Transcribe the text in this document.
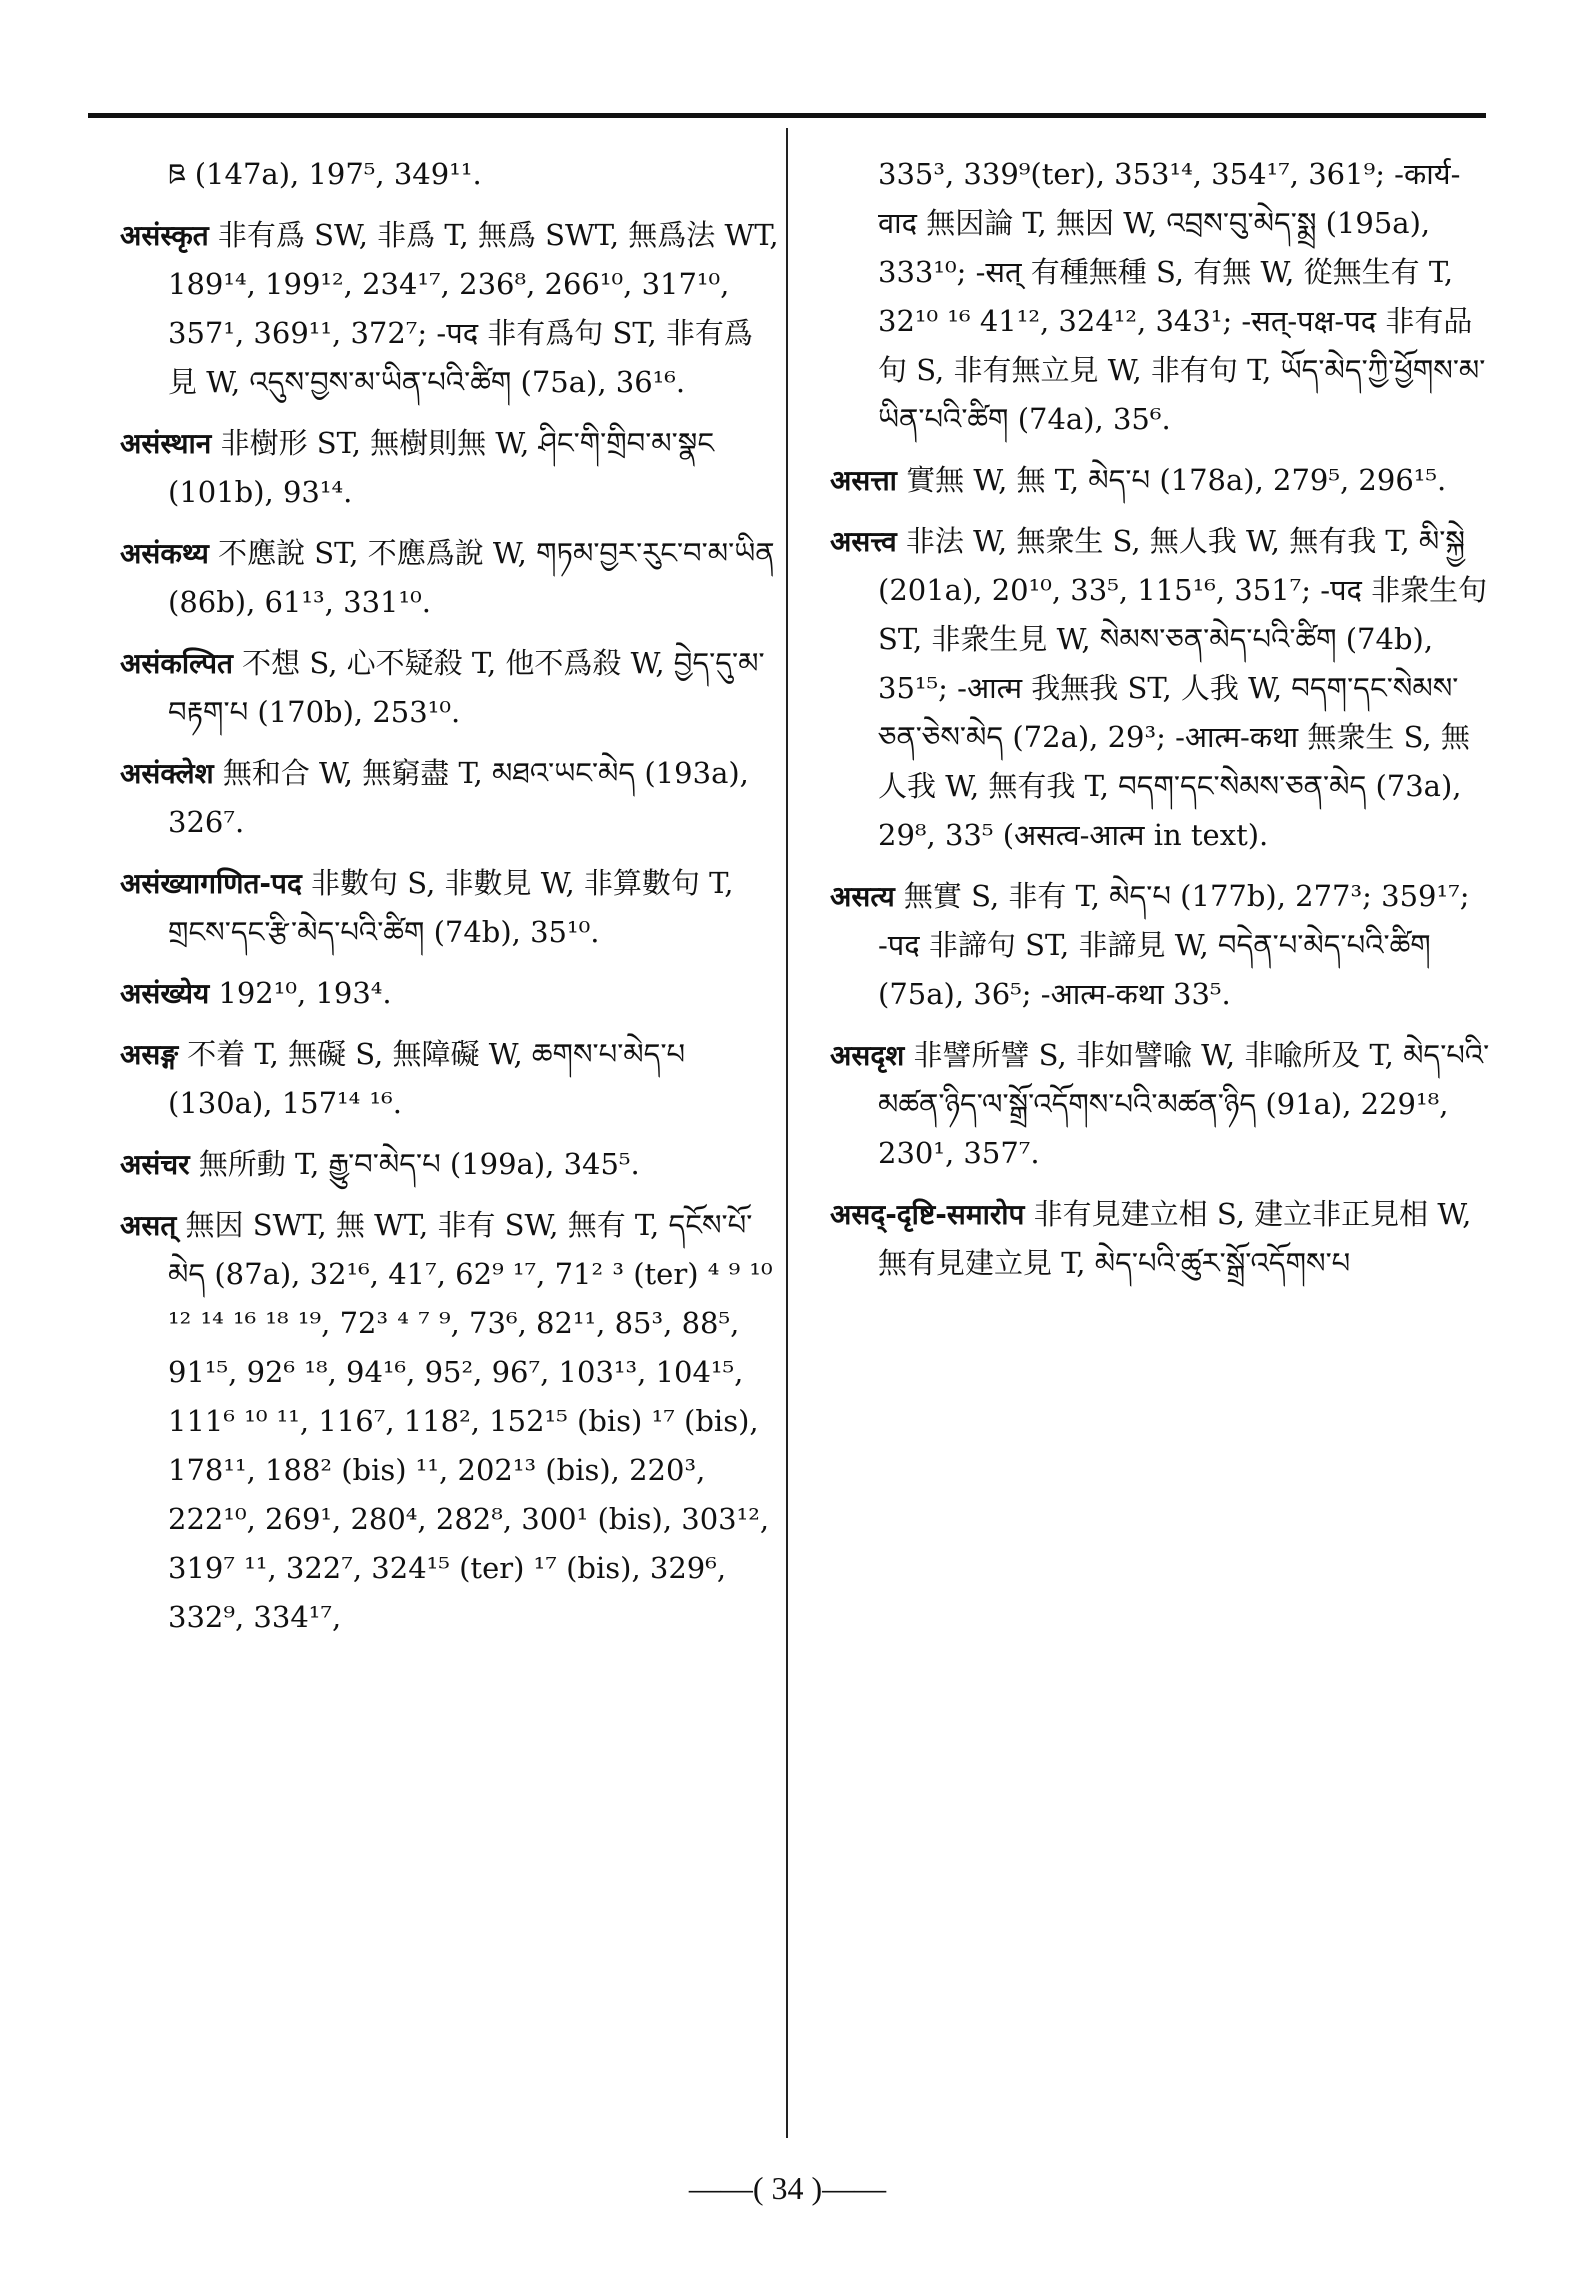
ཋ (147a), 197⁵, 349¹¹.

असंस्कृत 非有爲 SW, 非爲 T, 無爲 SWT, 無爲法 WT, 189¹⁴, 199¹², 234¹⁷, 236⁸, 266¹⁰, 317¹⁰, 357¹, 369¹¹, 372⁷; -पद 非有爲句 ST, 非有爲見 W, འདུས་བྱས་མ་ཡིན་པའི་ཚིག (75a), 36¹⁶.

असंस्थान 非樹形 ST, 無樹則無 W, ཤིང་གི་གྲིབ་མ་སྣང (101b), 93¹⁴.

असंकथ्य 不應說 ST, 不應爲說 W, གཏམ་བྱར་རུང་བ་མ་ཡིན (86b), 61¹³, 331¹⁰.

असंकल्पित 不想 S, 心不疑殺 T, 他不爲殺 W, བྱེད་དུ་མ་བརྟག་པ (170b), 253¹⁰.

असंक्लेश 無和合 W, 無窮盡 T, མཐའ་ཡང་མེད (193a), 326⁷.

असंख्यागणित-पद 非數句 S, 非數見 W, 非算數句 T, གྲངས་དང་རྩི་མེད་པའི་ཚིག (74b), 35¹⁰.

असंख्येय 192¹⁰, 193⁴.

असङ्ग 不着 T, 無礙 S, 無障礙 W, ཆགས་པ་མེད་པ (130a), 157¹⁴ ¹⁶.

असंचर 無所動 T, རྒྱུ་བ་མེད་པ (199a), 345⁵.

असत् 無因 SWT, 無 WT, 非有 SW, 無有 T, དངོས་པོ་མེད (87a), 32¹⁶, 41⁷, 62⁹ ¹⁷, 71² ³ (ter) ⁴ ⁹ ¹⁰ ¹² ¹⁴ ¹⁶ ¹⁸ ¹⁹, 72³ ⁴ ⁷ ⁹, 73⁶, 82¹¹, 85³, 88⁵, 91¹⁵, 92⁶ ¹⁸, 94¹⁶, 95², 96⁷, 103¹³, 104¹⁵, 111⁶ ¹⁰ ¹¹, 116⁷, 118², 152¹⁵ (bis) ¹⁷ (bis), 178¹¹, 188² (bis) ¹¹, 202¹³ (bis), 220³, 222¹⁰, 269¹, 280⁴, 282⁸, 300¹ (bis), 303¹², 319⁷ ¹¹, 322⁷, 324¹⁵ (ter) ¹⁷ (bis), 329⁶, 332⁹, 334¹⁷,

335³, 339⁹(ter), 353¹⁴, 354¹⁷, 361⁹; -कार्य-वाद 無因論 T, 無因 W, འབྲས་བུ་མེད་སྨྲ (195a), 333¹⁰; -सत् 有種無種 S, 有無 W, 從無生有 T, 32¹⁰ ¹⁶ 41¹², 324¹², 343¹; -सत्-पक्ष-पद 非有品句 S, 非有無立見 W, 非有句 T, ཡོད་མེད་ཀྱི་ཕྱོགས་མ་ཡིན་པའི་ཚིག (74a), 35⁶.

असत्ता 實無 W, 無 T, མེད་པ (178a), 279⁵, 296¹⁵.

असत्त्व 非法 W, 無衆生 S, 無人我 W, 無有我 T, མི་སྐྱེ (201a), 20¹⁰, 33⁵, 115¹⁶, 351⁷; -पद 非衆生句 ST, 非衆生見 W, སེམས་ཅན་མེད་པའི་ཚིག (74b), 35¹⁵; -आत्म 我無我 ST, 人我 W, བདག་དང་སེམས་ཅན་ཅེས་མེད (72a), 29³; -आत्म-कथा 無衆生 S, 無人我 W, 無有我 T, བདག་དང་སེམས་ཅན་མེད (73a), 29⁸, 33⁵ (असत्व-आत्म in text).

असत्य 無實 S, 非有 T, མེད་པ (177b), 277³; 359¹⁷; -पद 非諦句 ST, 非諦見 W, བདེན་པ་མེད་པའི་ཚིག (75a), 36⁵; -आत्म-कथा 33⁵.

असदृश 非譬所譬 S, 非如譬喩 W, 非喩所及 T, མེད་པའི་མཚན་ཉིད་ལ་སྒྲོ་འདོགས་པའི་མཚན་ཉིད (91a), 229¹⁸, 230¹, 357⁷.

असद्-दृष्टि-समारोप 非有見建立相 S, 建立非正見相 W, 無有見建立見 T, མེད་པའི་ཚུར་སྒྲོ་འདོགས་པ

——( 34 )——
